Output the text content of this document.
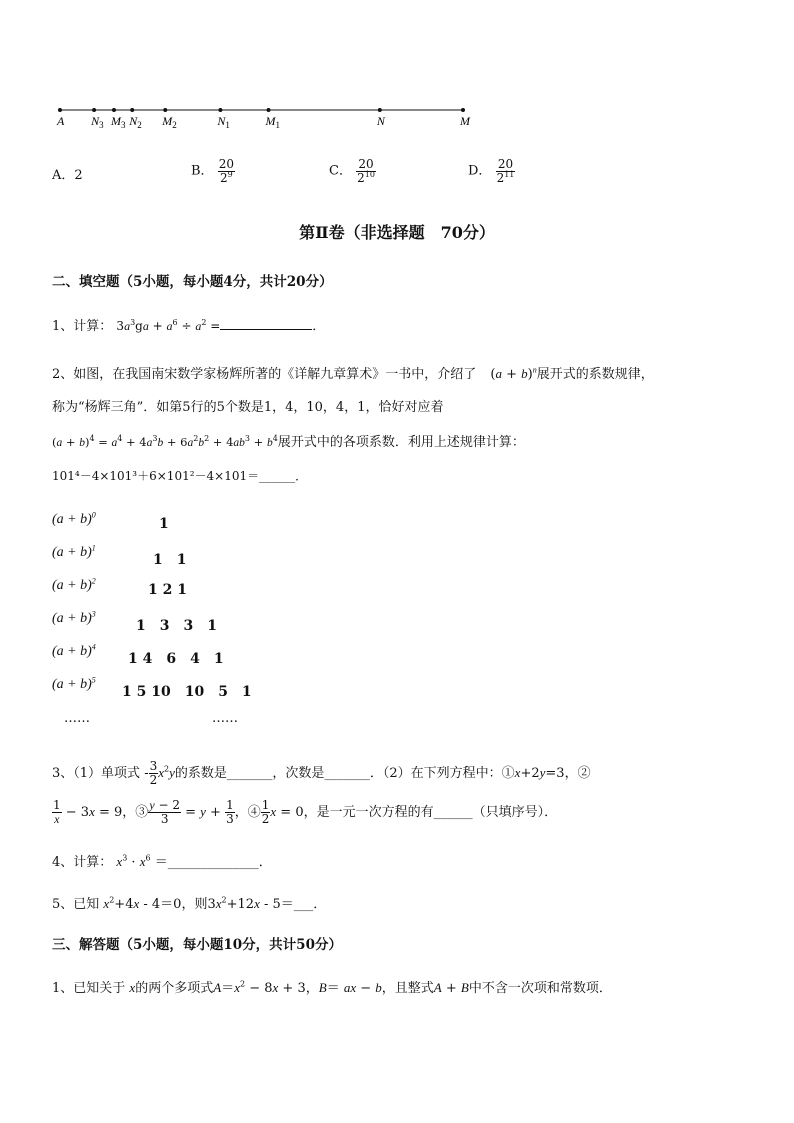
A $N_3$ $M_3$ $N_2$ $M_2$	$N_1$	$M_1$	N	M
A．2	B． $\frac{20}{2^9}$	C． $\frac{20}{2^{10}}$	D． $\frac{20}{2^{11}}$
第Ⅱ卷（非选择题　70分）
二、填空题（5小题，每小题4分，共计20分）
1、计算： $3a^3ga + a^6 \div a^2$ =	．
2、如图，在我国南宋数学家杨辉所著的《详解九章算术》一书中，介绍了 $(a + b)^n$展开式的系数规律，
称为“杨辉三角”．如第5行的5个数是1，4，10，4，1，恰好对应着
$(a + b)^4 = a^4 + 4a^3b + 6a^2b^2 + 4ab^3 + b^4$展开式中的各项系数．利用上述规律计算：
101⁴－4×101³＋6×101²－4×101＝______．
$(a + b)^0$
1
$(a + b)^1$
1　1
$(a + b)^2$
1 2 1
$(a + b)^3$
1　3　3　1
$(a + b)^4$
1 4　6　4　1
$(a + b)^5$
1 5 10　10　5　1
……	……
3、（1）单项式 - $\frac{3}{2} x^2y$的系数是_______，次数是_______．（2）在下列方程中：①x+2y=3，②
$\frac{1}{x} - 3x = 9$，③ $\frac{y - 2}{3} = y + \frac{1}{3}$ ，④ $\frac{1}{2}$ x = 0，是一元一次方程的有______（只填序号）．
4、计算： $x^3 \cdot x^6$ ＝______________．
5、已知 $x^2+4x - 4=0$，则$3x^2+12x$ - 5＝___．
三、解答题（5小题，每小题10分，共计50分）
1、已知关于 x的两个多项式$A=x^2 - 8x + 3$，B＝ ax − b，且整式A + B中不含一次项和常数项．
